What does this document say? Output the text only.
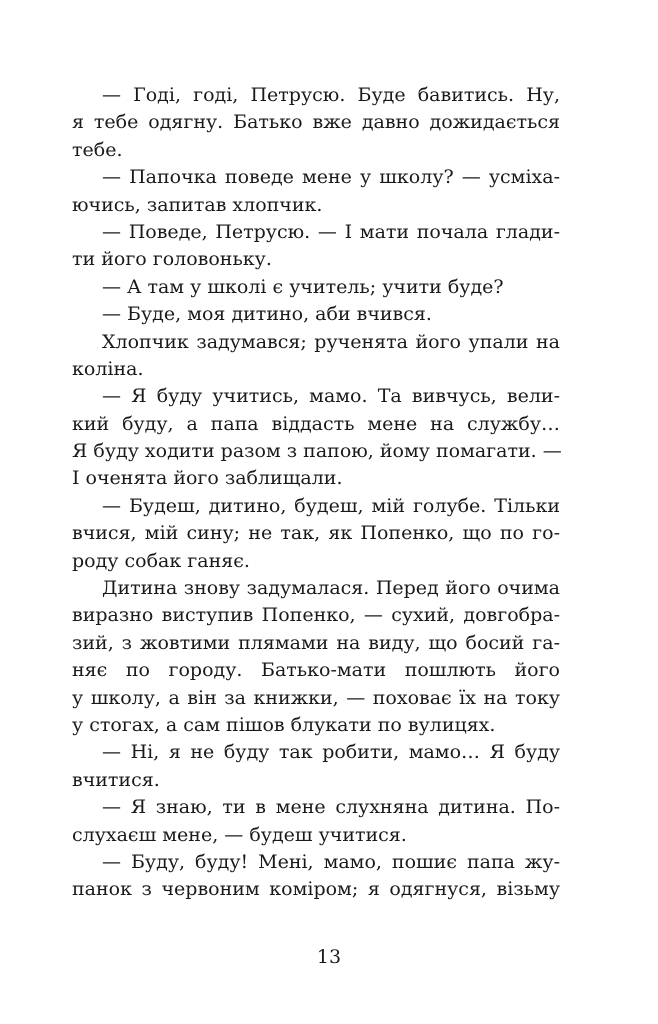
— Годі, годі, Петрусю. Буде бавитись. Ну,
я тебе одягну. Батько вже давно дожидається
тебе.
— Папочка поведе мене у школу? — усміха-
ючись, запитав хлопчик.
— Поведе, Петрусю. — І мати почала глади-
ти його головоньку.
— А там у школі є учитель; учити буде?
— Буде, моя дитино, аби вчився.
Хлопчик задумався; рученята його упали на
коліна.
— Я буду учитись, мамо. Та вивчусь, вели-
кий буду, а папа віддасть мене на службу…
Я буду ходити разом з папою, йому помагати. —
І оченята його заблищали.
— Будеш, дитино, будеш, мій голубе. Тільки
вчися, мій сину; не так, як Попенко, що по го-
роду собак ганяє.
Дитина знову задумалася. Перед його очима
виразно виступив Попенко, — сухий, довгобра-
зий, з жовтими плямами на виду, що босий га-
няє по городу. Батько-мати пошлють його
у школу, а він за книжки, — поховає їх на току
у стогах, а сам пішов блукати по вулицях.
— Ні, я не буду так робити, мамо… Я буду
вчитися.
— Я знаю, ти в мене слухняна дитина. По-
слухаєш мене, — будеш учитися.
— Буду, буду! Мені, мамо, пошиє папа жу-
панок з червоним коміром; я одягнуся, візьму
13
